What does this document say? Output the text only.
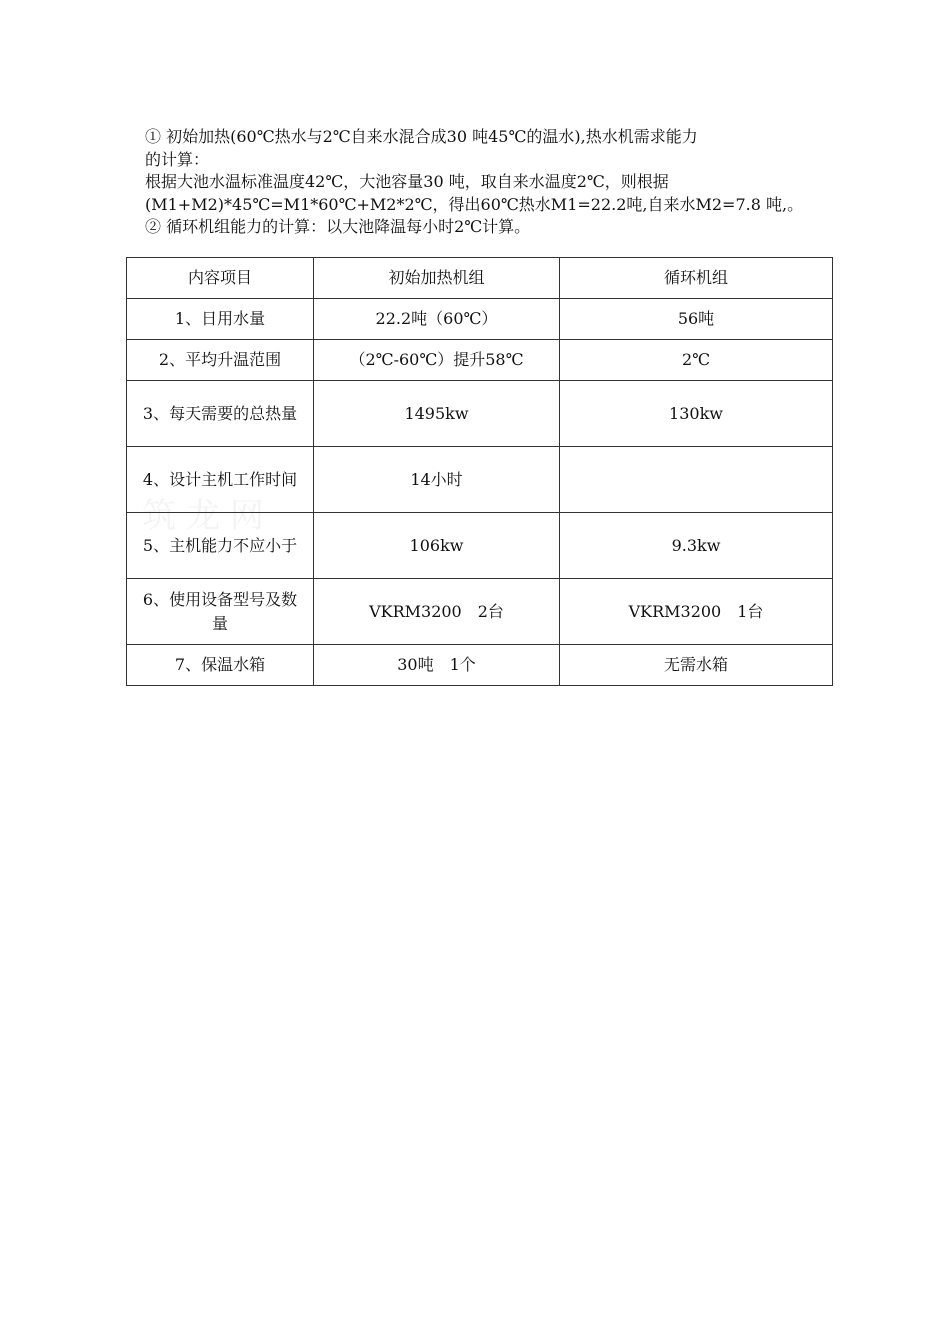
① 初始加热(60℃热水与2℃自来水混合成30 吨45℃的温水),热水机需求能力

的计算：

根据大池水温标准温度42℃，大池容量30 吨，取自来水温度2℃，则根据

(M1+M2)*45℃=M1*60℃+M2*2℃，得出60℃热水M1=22.2吨,自来水M2=7.8 吨,。

② 循环机组能力的计算：以大池降温每小时2℃计算。

筑龙网
内容项目	初始加热机组	循环机组
1、日用水量	22.2吨（60℃）	56吨
2、平均升温范围	（2℃-60℃）提升58℃	2℃
3、每天需要的总热量	1495kw	130kw
4、设计主机工作时间	14小时	
5、主机能力不应小于	106kw	9.3kw
6、使用设备型号及数量	VKRM3200　2台	VKRM3200　1台
7、保温水箱	30吨　1个	无需水箱
